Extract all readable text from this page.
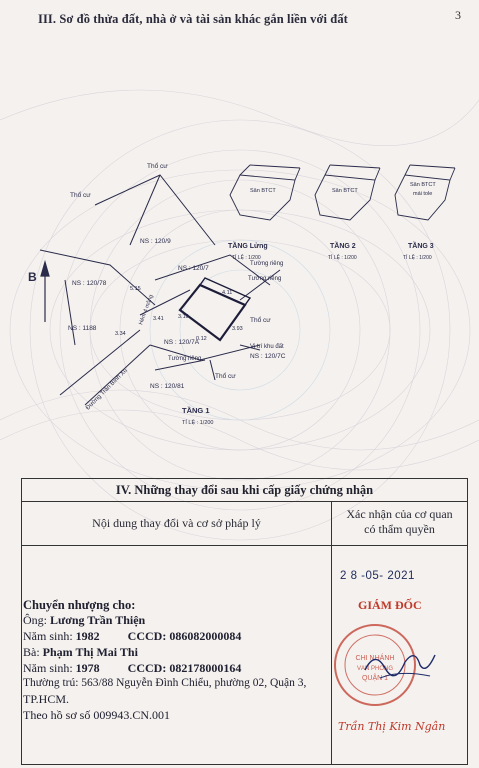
III. Sơ đồ thửa đất, nhà ở và tài sản khác gắn liền với đất	3
B
Thổ cư
Thổ cư
Thổ cư
Thổ cư
NS : 120/9
NS : 120/78
NS : 120/7
NS : 1188
NS : 120/7A
NS : 120/7C
NS : 120/81
Tường riêng
Tường riêng
Tường riêng
Vị trí khu đất
Hẻm 4 mông
Đường Trần Bình Xu
3.10
4.11
3.93
0.12
3.34
3.41
5.15
TẦNG 1
TỈ LỆ : 1/200
Sân BTCT
TẦNG Lửng
TỈ LỆ : 1/200
Sân BTCT
TẦNG 2
TỈ LỆ : 1/200
Sân BTCT
mái tole
TẦNG 3
TỈ LỆ : 1/200
IV. Những thay đổi sau khi cấp giấy chứng nhận
Nội dung thay đổi và cơ sở pháp lý
Xác nhận của cơ quan
có thẩm quyền
2 8 -05- 2021
GIÁM ĐỐC
CHI NHÁNH
VĂN PHÒNG
QUẬN 1
Trần Thị Kim Ngân
Chuyển nhượng cho:
Ông: Lương Trần Thiện
Năm sinh: 1982 CCCD: 086082000084
Bà: Phạm Thị Mai Thi
Năm sinh: 1978 CCCD: 082178000164
Thường trú: 563/88 Nguyễn Đình Chiểu, phường 02, Quận 3,
TP.HCM.
Theo hồ sơ số 009943.CN.001
